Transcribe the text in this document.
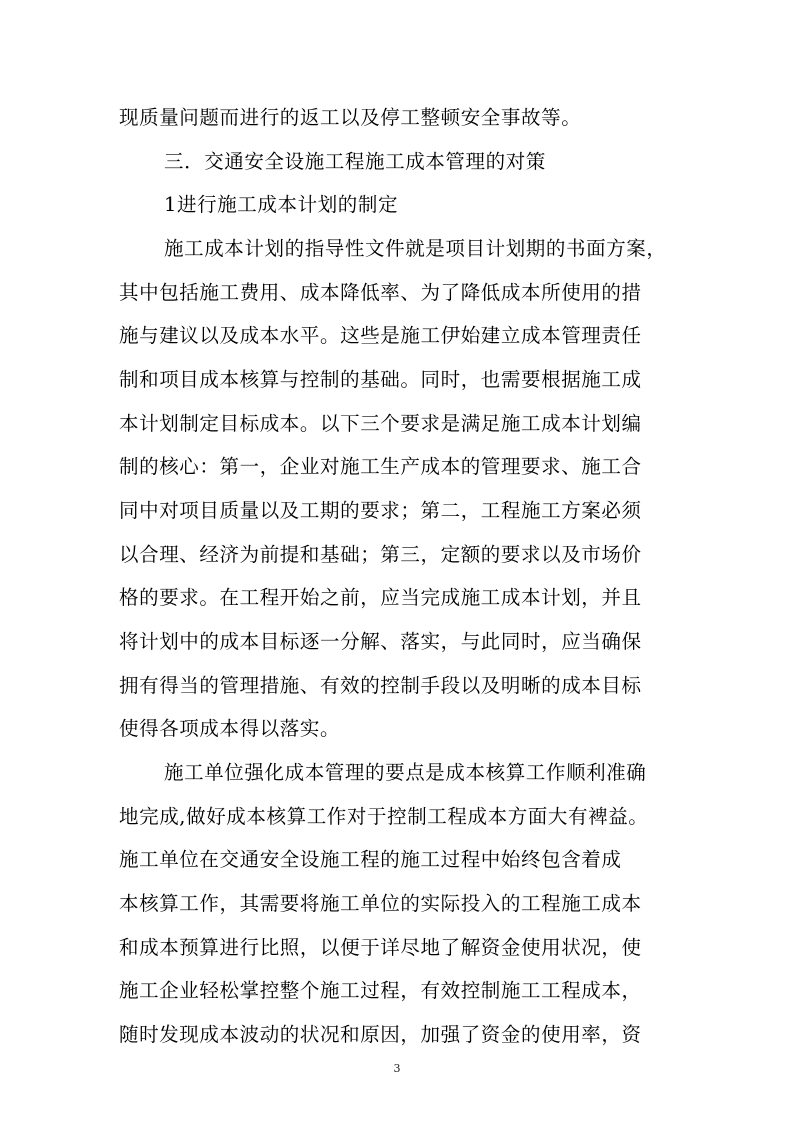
现质量问题而进行的返工以及停工整顿安全事故等。
三．交通安全设施工程施工成本管理的对策
1进行施工成本计划的制定
施工成本计划的指导性文件就是项目计划期的书面方案，
其中包括施工费用、成本降低率、为了降低成本所使用的措
施与建议以及成本水平。这些是施工伊始建立成本管理责任
制和项目成本核算与控制的基础。同时，也需要根据施工成
本计划制定目标成本。以下三个要求是满足施工成本计划编
制的核心：第一，企业对施工生产成本的管理要求、施工合
同中对项目质量以及工期的要求；第二，工程施工方案必须
以合理、经济为前提和基础；第三，定额的要求以及市场价
格的要求。在工程开始之前，应当完成施工成本计划，并且
将计划中的成本目标逐一分解、落实，与此同时，应当确保
拥有得当的管理措施、有效的控制手段以及明晰的成本目标
使得各项成本得以落实。
施工单位强化成本管理的要点是成本核算工作顺利准确
地完成,做好成本核算工作对于控制工程成本方面大有裨益。
施工单位在交通安全设施工程的施工过程中始终包含着成
本核算工作，其需要将施工单位的实际投入的工程施工成本
和成本预算进行比照，以便于详尽地了解资金使用状况，使
施工企业轻松掌控整个施工过程，有效控制施工工程成本，
随时发现成本波动的状况和原因，加强了资金的使用率，资
3
